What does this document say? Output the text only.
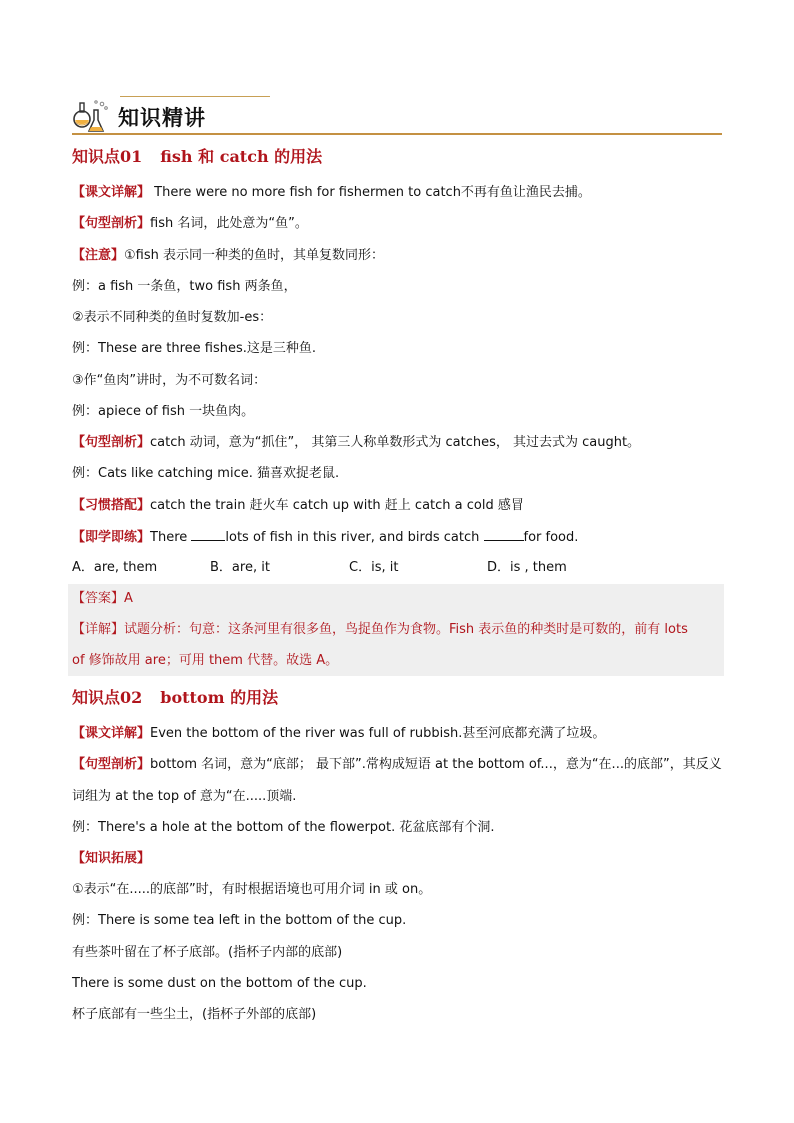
知识精讲
知识点01 fish 和 catch 的用法
【课文详解】 There were no more fish for fishermen to catch不再有鱼让渔民去捕。
【句型剖析】fish 名词，此处意为“鱼”。
【注意】①fish 表示同一种类的鱼时，其单复数同形：
例：a fish 一条鱼，two fish 两条鱼，
②表示不同种类的鱼时复数加-es：
例：These are three fishes.这是三种鱼.
③作“鱼肉”讲时，为不可数名词：
例：apiece of fish 一块鱼肉。
【句型剖析】catch 动词，意为“抓住”， 其第三人称单数形式为 catches， 其过去式为 caught。
例：Cats like catching mice. 猫喜欢捉老鼠.
【习惯搭配】catch the train 赶火车 catch up with 赶上 catch a cold 感冒
【即学即练】There	lots of fish in this river, and birds catch	for food.
A．are, them	B．are, it	C．is, it	D．is , them
【答案】A
【详解】试题分析：句意：这条河里有很多鱼，鸟捉鱼作为食物。Fish 表示鱼的种类时是可数的，前有 lots
of 修饰故用 are；可用 them 代替。故选 A。
知识点02 bottom 的用法
【课文详解】Even the bottom of the river was full of rubbish.甚至河底都充满了垃圾。
【句型剖析】bottom 名词，意为“底部； 最下部”.常构成短语 at the bottom of...，意为“在...的底部”，其反义
词组为 at the top of 意为“在.....顶端.
例：There's a hole at the bottom of the flowerpot. 花盆底部有个洞.
【知识拓展】
①表示“在.....的底部”时，有时根据语境也可用介词 in 或 on。
例：There is some tea left in the bottom of the cup.
有些茶叶留在了杯子底部。(指杯子内部的底部)
There is some dust on the bottom of the cup.
杯子底部有一些尘土，(指杯子外部的底部)
